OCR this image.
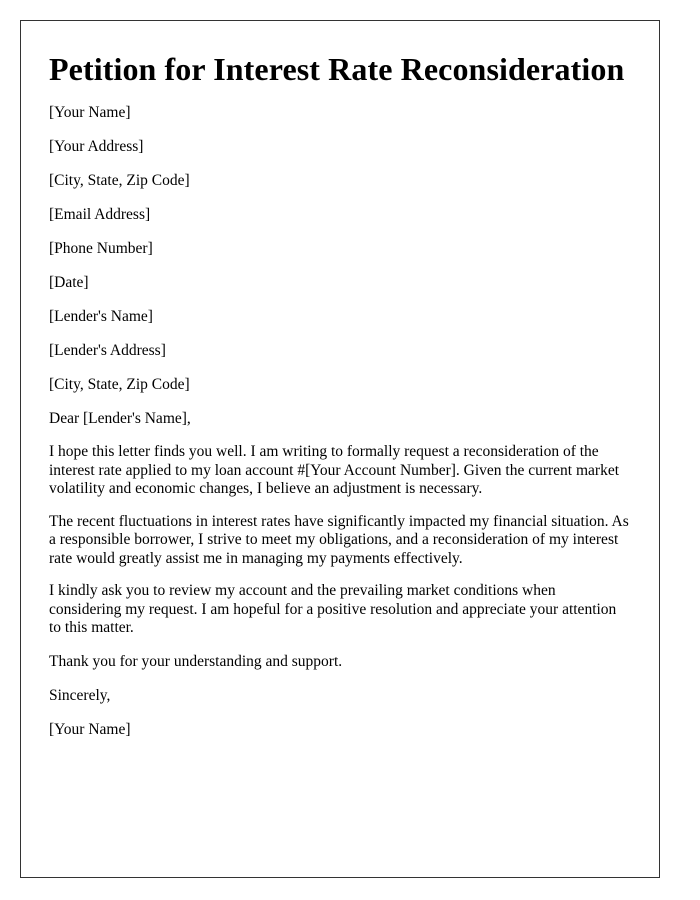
Petition for Interest Rate Reconsideration

[Your Name]

[Your Address]

[City, State, Zip Code]

[Email Address]

[Phone Number]

[Date]

[Lender's Name]

[Lender's Address]

[City, State, Zip Code]

Dear [Lender's Name],

I hope this letter finds you well. I am writing to formally request a reconsideration of the interest rate applied to my loan account #[Your Account Number]. Given the current market volatility and economic changes, I believe an adjustment is necessary.

The recent fluctuations in interest rates have significantly impacted my financial situation. As a responsible borrower, I strive to meet my obligations, and a reconsideration of my interest rate would greatly assist me in managing my payments effectively.

I kindly ask you to review my account and the prevailing market conditions when considering my request. I am hopeful for a positive resolution and appreciate your attention to this matter.

Thank you for your understanding and support.

Sincerely,

[Your Name]
